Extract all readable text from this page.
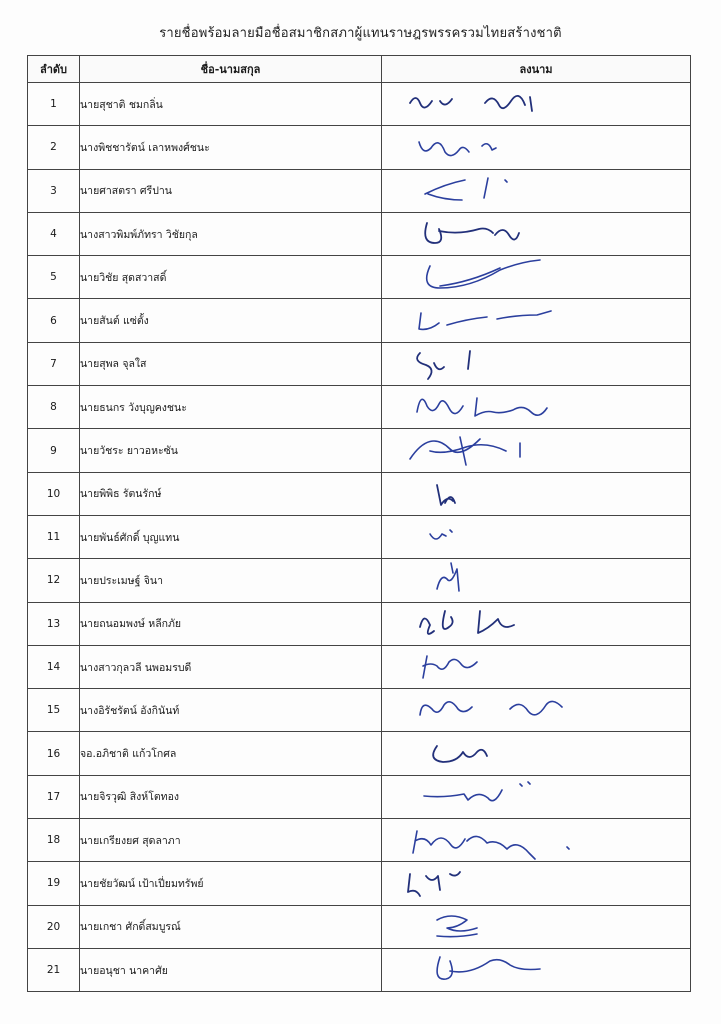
รายชื่อพร้อมลายมือชื่อสมาชิกสภาผู้แทนราษฎรพรรครวมไทยสร้างชาติ
ลำดับ	ชื่อ-นามสกุล	ลงนาม
1	นายสุชาติ ชมกลิ่น	

2	นางพิชชารัตน์ เลาหพงศ์ชนะ	

3	นายศาสตรา ศรีปาน	

4	นางสาวพิมพ์ภัทรา วิชัยกุล	

5	นายวิชัย สุดสวาสดิ์	

6	นายสันต์ แซ่ตั้ง	

7	นายสุพล จุลใส	

8	นายธนกร วังบุญคงชนะ	

9	นายวัชระ ยาวอหะซัน	

10	นายพิพิธ รัตนรักษ์	

11	นายพันธ์ศักดิ์ บุญแทน	

12	นายประเมษฐ์ จินา	

13	นายถนอมพงษ์ หลีกภัย	

14	นางสาวกุลวลี นพอมรบดี	

15	นางอิรัชรัตน์ อังกินันท์	

16	จอ.อภิชาติ แก้วโกศล	

17	นายจิรวุฒิ สิงห์โตทอง	

18	นายเกรียงยศ สุดลาภา	

19	นายชัยวัฒน์ เป้าเปี่ยมทรัพย์	

20	นายเกชา ศักดิ์สมบูรณ์	

21	นายอนุชา นาคาศัย	
